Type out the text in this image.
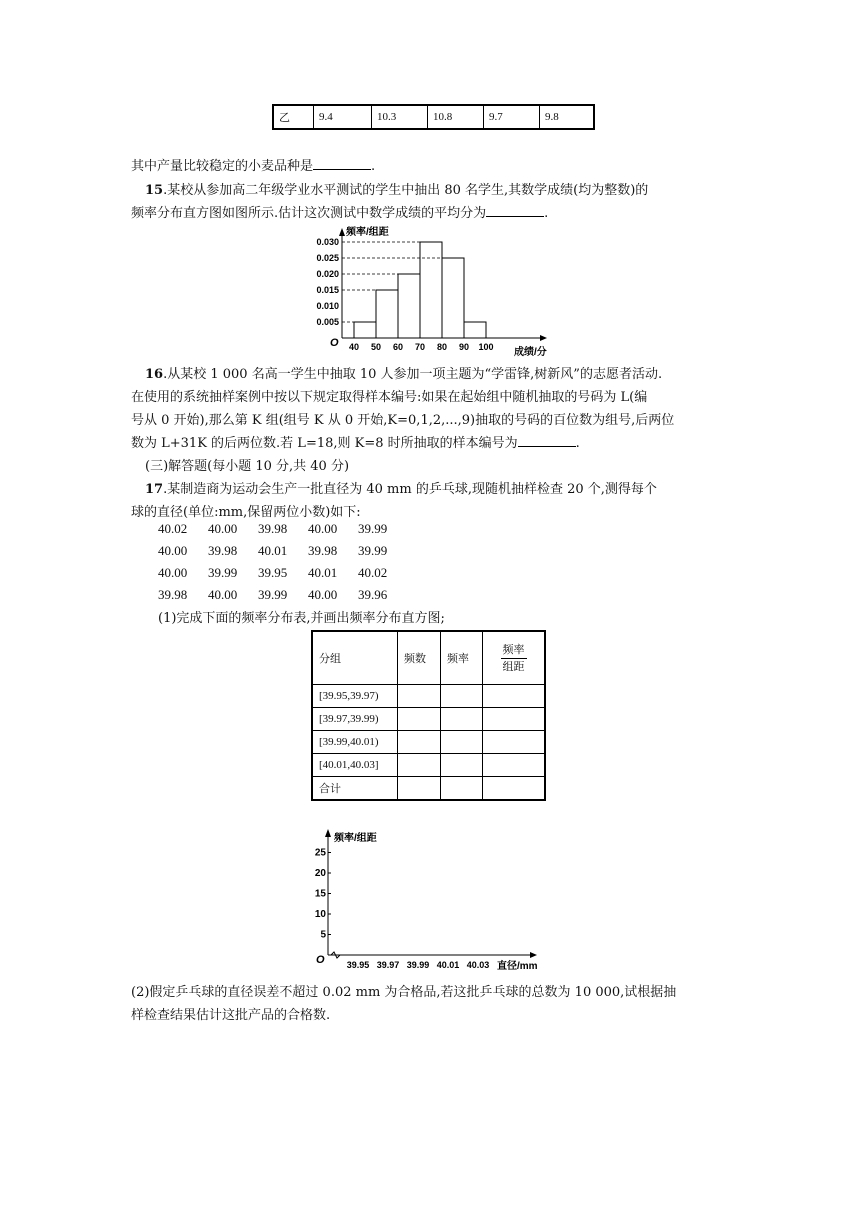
乙	9.4	10.3	10.8	9.7	9.8
其中产量比较稳定的小麦品种是	.
15.某校从参加高二年级学业水平测试的学生中抽出 80 名学生,其数学成绩(均为整数)的
频率分布直方图如图所示.估计这次测试中数学成绩的平均分为	.
频率/组距
成绩/分
O
0.005
0.010
0.015
0.020
0.025
0.030
40 50 60 70 80 90 100
16.从某校 1 000 名高一学生中抽取 10 人参加一项主题为“学雷锋,树新风”的志愿者活动.
在使用的系统抽样案例中按以下规定取得样本编号:如果在起始组中随机抽取的号码为 L(编
号从 0 开始),那么第 K 组(组号 K 从 0 开始,K=0,1,2,...,9)抽取的号码的百位数为组号,后两位
数为 L+31K 的后两位数.若 L=18,则 K=8 时所抽取的样本编号为	.
(三)解答题(每小题 10 分,共 40 分)
17.某制造商为运动会生产一批直径为 40 mm 的乒乓球,现随机抽样检查 20 个,测得每个
球的直径(单位:mm,保留两位小数)如下:
40.02 40.00 39.98 40.00 39.99
40.00 39.98 40.01 39.98 39.99
40.00 39.99 39.95 40.01 40.02
39.98 40.00 39.99 40.00 39.96
(1)完成下面的频率分布表,并画出频率分布直方图;
分组	频数	频率	$\frac{\text{频率}}{\text{组距}}$
[39.95,39.97)			
[39.97,39.99)			
[39.99,40.01)			
[40.01,40.03]			
合计			
频率/组距
直径/mm
O
5
10
15
20
25
39.95 39.97 39.99 40.01 40.03
(2)假定乒乓球的直径误差不超过 0.02 mm 为合格品,若这批乒乓球的总数为 10 000,试根据抽
样检查结果估计这批产品的合格数.
